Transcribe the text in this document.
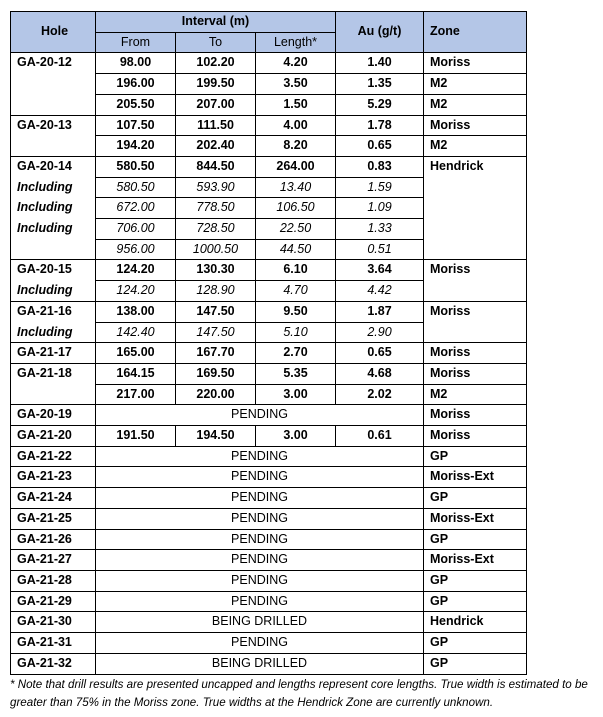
Hole	Interval (m)			Au (g/t)	Zone
	From	To	Length*		
GA-20-12	98.00	102.20	4.20	1.40	Moriss
	196.00	199.50	3.50	1.35	M2
	205.50	207.00	1.50	5.29	M2
GA-20-13	107.50	111.50	4.00	1.78	Moriss
	194.20	202.40	8.20	0.65	M2
GA-20-14	580.50	844.50	264.00	0.83	Hendrick
Including	580.50	593.90	13.40	1.59	
Including	672.00	778.50	106.50	1.09	
Including	706.00	728.50	22.50	1.33	
	956.00	1000.50	44.50	0.51	
GA-20-15	124.20	130.30	6.10	3.64	Moriss
Including	124.20	128.90	4.70	4.42	
GA-21-16	138.00	147.50	9.50	1.87	Moriss
Including	142.40	147.50	5.10	2.90	
GA-21-17	165.00	167.70	2.70	0.65	Moriss
GA-21-18	164.15	169.50	5.35	4.68	Moriss
	217.00	220.00	3.00	2.02	M2
GA-20-19	PENDING				Moriss
GA-21-20	191.50	194.50	3.00	0.61	Moriss
GA-21-22	PENDING				GP
GA-21-23	PENDING				Moriss-Ext
GA-21-24	PENDING				GP
GA-21-25	PENDING				Moriss-Ext
GA-21-26	PENDING				GP
GA-21-27	PENDING				Moriss-Ext
GA-21-28	PENDING				GP
GA-21-29	PENDING				GP
GA-21-30	BEING DRILLED				Hendrick
GA-21-31	PENDING				GP
GA-21-32	BEING DRILLED				GP
* Note that drill results are presented uncapped and lengths represent core lengths. True width is estimated to be greater than 75% in the Moriss zone. True widths at the Hendrick Zone are currently unknown.
